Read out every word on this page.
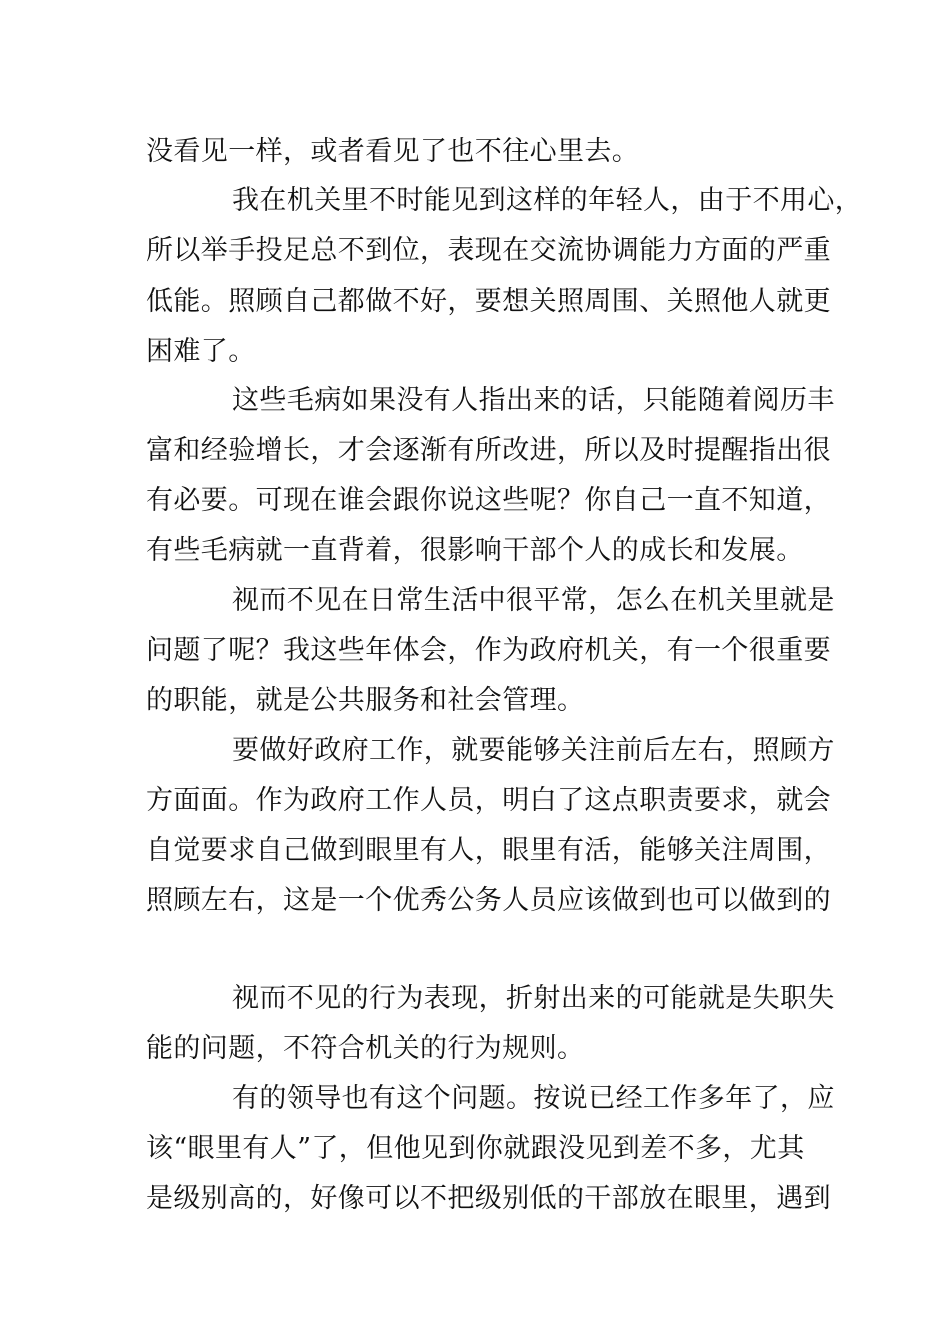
没看见一样，或者看见了也不往心里去。
我在机关里不时能见到这样的年轻人，由于不用心，
所以举手投足总不到位，表现在交流协调能力方面的严重
低能。照顾自己都做不好，要想关照周围、关照他人就更
困难了。
这些毛病如果没有人指出来的话，只能随着阅历丰
富和经验增长，才会逐渐有所改进，所以及时提醒指出很
有必要。可现在谁会跟你说这些呢？你自己一直不知道，
有些毛病就一直背着，很影响干部个人的成长和发展。
视而不见在日常生活中很平常，怎么在机关里就是
问题了呢？我这些年体会，作为政府机关，有一个很重要
的职能，就是公共服务和社会管理。
要做好政府工作，就要能够关注前后左右，照顾方
方面面。作为政府工作人员，明白了这点职责要求，就会
自觉要求自己做到眼里有人，眼里有活，能够关注周围，
照顾左右，这是一个优秀公务人员应该做到也可以做到的
视而不见的行为表现，折射出来的可能就是失职失
能的问题，不符合机关的行为规则。
有的领导也有这个问题。按说已经工作多年了，应
该“眼里有人”了，但他见到你就跟没见到差不多，尤其
是级别高的，好像可以不把级别低的干部放在眼里，遇到
